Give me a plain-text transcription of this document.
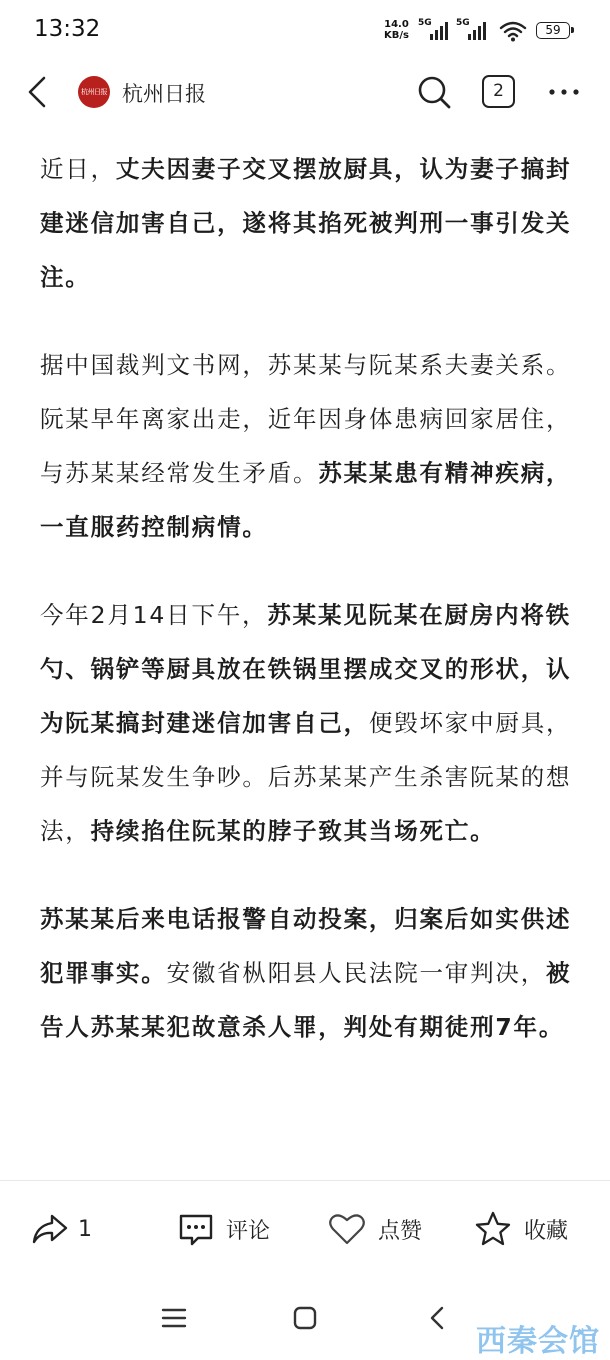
13:32	14.0
KB/s
5G	5G	59
杭州日报 杭州日报	2

近日，丈夫因妻子交叉摆放厨具，认为妻子搞封建迷信加害自己，遂将其掐死被判刑一事引发关注。

据中国裁判文书网，苏某某与阮某系夫妻关系。阮某早年离家出走，近年因身体患病回家居住，与苏某某经常发生矛盾。苏某某患有精神疾病，一直服药控制病情。

今年2月14日下午，苏某某见阮某在厨房内将铁勺、锅铲等厨具放在铁锅里摆成交叉的形状，认为阮某搞封建迷信加害自己，便毁坏家中厨具，并与阮某发生争吵。后苏某某产生杀害阮某的想法，持续掐住阮某的脖子致其当场死亡。

苏某某后来电话报警自动投案，归案后如实供述犯罪事实。安徽省枞阳县人民法院一审判决，被告人苏某某犯故意杀人罪，判处有期徒刑7年。

1	评论	点赞	收藏
西秦会馆
